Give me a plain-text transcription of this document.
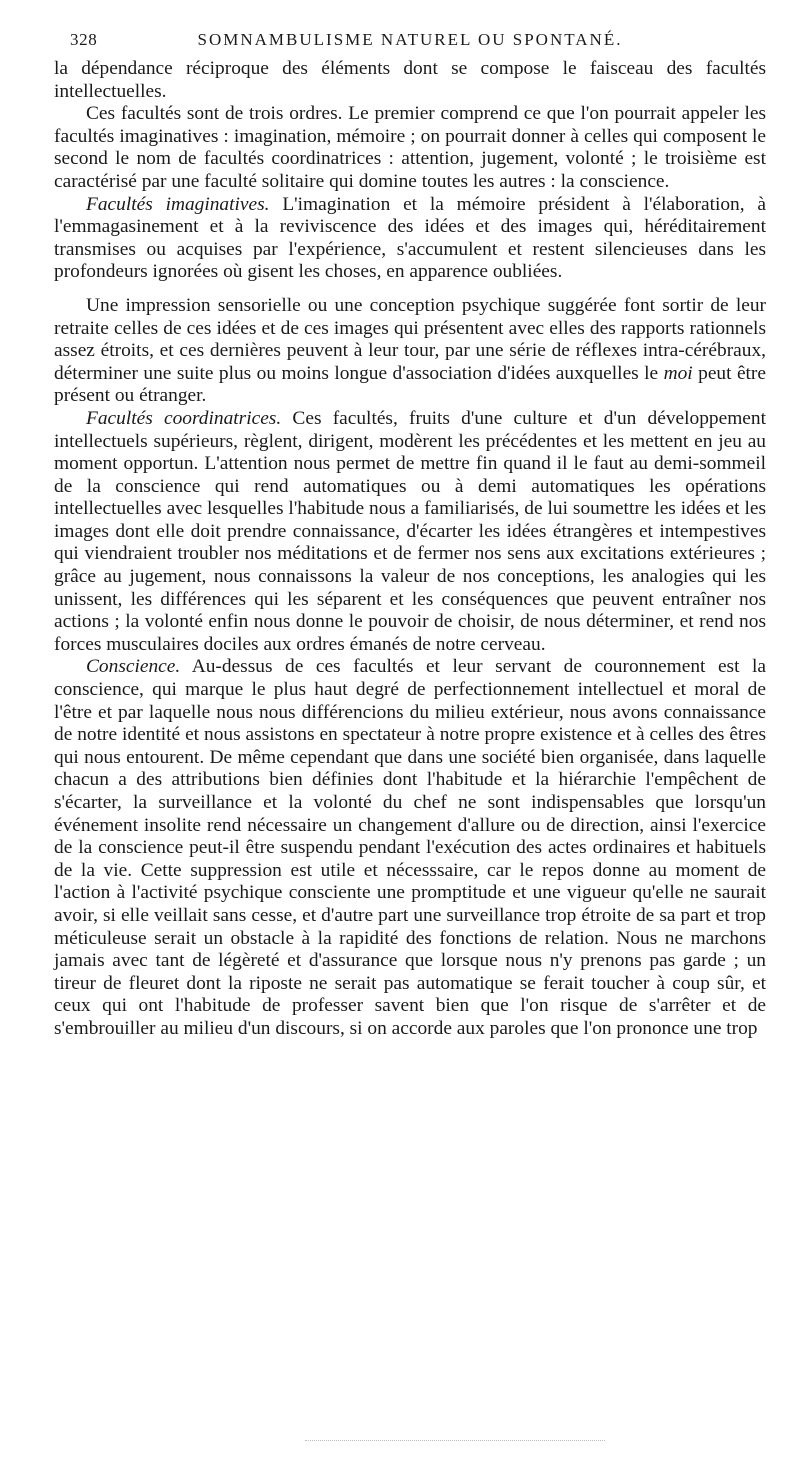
328	SOMNAMBULISME NATUREL OU SPONTANÉ.

la dépendance réciproque des éléments dont se compose le faisceau des facultés intellectuelles.

Ces facultés sont de trois ordres. Le premier comprend ce que l'on pourrait appeler les facultés imaginatives : imagination, mémoire ; on pourrait donner à celles qui composent le second le nom de facultés coordinatrices : attention, jugement, volonté ; le troisième est caractérisé par une faculté solitaire qui domine toutes les autres : la conscience.

Facultés imaginatives. L'imagination et la mémoire président à l'élaboration, à l'emmagasinement et à la reviviscence des idées et des images qui, héréditairement transmises ou acquises par l'expérience, s'accumulent et restent silencieuses dans les profondeurs ignorées où gisent les choses, en apparence oubliées.

Une impression sensorielle ou une conception psychique suggérée font sortir de leur retraite celles de ces idées et de ces images qui présentent avec elles des rapports rationnels assez étroits, et ces dernières peuvent à leur tour, par une série de réflexes intra-cérébraux, déterminer une suite plus ou moins longue d'association d'idées auxquelles le moi peut être présent ou étranger.

Facultés coordinatrices. Ces facultés, fruits d'une culture et d'un développement intellectuels supérieurs, règlent, dirigent, modèrent les précédentes et les mettent en jeu au moment opportun. L'attention nous permet de mettre fin quand il le faut au demi-sommeil de la conscience qui rend automatiques ou à demi automatiques les opérations intellectuelles avec lesquelles l'habitude nous a familiarisés, de lui soumettre les idées et les images dont elle doit prendre connaissance, d'écarter les idées étrangères et intempestives qui viendraient troubler nos méditations et de fermer nos sens aux excitations extérieures ; grâce au jugement, nous connaissons la valeur de nos conceptions, les analogies qui les unissent, les différences qui les séparent et les conséquences que peuvent entraîner nos actions ; la volonté enfin nous donne le pouvoir de choisir, de nous déterminer, et rend nos forces musculaires dociles aux ordres émanés de notre cerveau.

Conscience. Au-dessus de ces facultés et leur servant de couronnement est la conscience, qui marque le plus haut degré de perfectionnement intellectuel et moral de l'être et par laquelle nous nous différencions du milieu extérieur, nous avons connaissance de notre identité et nous assistons en spectateur à notre propre existence et à celles des êtres qui nous entourent. De même cependant que dans une société bien organisée, dans laquelle chacun a des attributions bien définies dont l'habitude et la hiérarchie l'empêchent de s'écarter, la surveillance et la volonté du chef ne sont indispensables que lorsqu'un événement insolite rend nécessaire un changement d'allure ou de direction, ainsi l'exercice de la conscience peut-il être suspendu pendant l'exécution des actes ordinaires et habituels de la vie. Cette suppression est utile et nécesssaire, car le repos donne au moment de l'action à l'activité psychique consciente une promptitude et une vigueur qu'elle ne saurait avoir, si elle veillait sans cesse, et d'autre part une surveillance trop étroite de sa part et trop méticuleuse serait un obstacle à la rapidité des fonctions de relation. Nous ne marchons jamais avec tant de légèreté et d'assurance que lorsque nous n'y prenons pas garde ; un tireur de fleuret dont la riposte ne serait pas automatique se ferait toucher à coup sûr, et ceux qui ont l'habitude de professer savent bien que l'on risque de s'arrêter et de s'embrouiller au milieu d'un discours, si on accorde aux paroles que l'on prononce une trop
